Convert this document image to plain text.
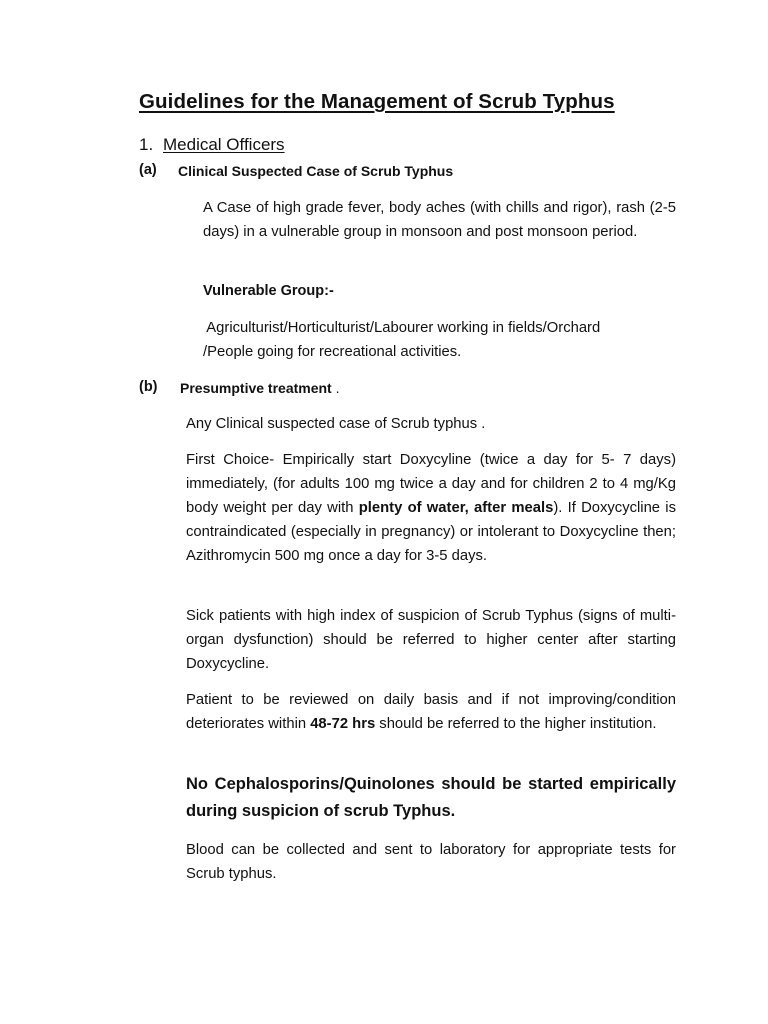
Guidelines for the Management of Scrub Typhus
1. Medical Officers
(a) Clinical Suspected Case of Scrub Typhus
A Case of high grade fever, body aches (with chills and rigor), rash (2-5 days) in a vulnerable group in monsoon and post monsoon period.
Vulnerable Group:-
Agriculturist/Horticulturist/Labourer working in fields/Orchard
/People going for recreational activities.
(b) Presumptive treatment .
Any Clinical suspected case of Scrub typhus .
First Choice- Empirically start Doxycyline (twice a day for 5- 7 days) immediately, (for adults 100 mg twice a day and for children 2 to 4 mg/Kg body weight per day with plenty of water, after meals). If Doxycycline is contraindicated (especially in pregnancy) or intolerant to Doxycycline then; Azithromycin 500 mg once a day for 3-5 days.
Sick patients with high index of suspicion of Scrub Typhus (signs of multi-organ dysfunction) should be referred to higher center after starting Doxycycline.
Patient to be reviewed on daily basis and if not improving/condition deteriorates within 48-72 hrs should be referred to the higher institution.
No Cephalosporins/Quinolones should be started empirically during suspicion of scrub Typhus.
Blood can be collected and sent to laboratory for appropriate tests for Scrub typhus.
